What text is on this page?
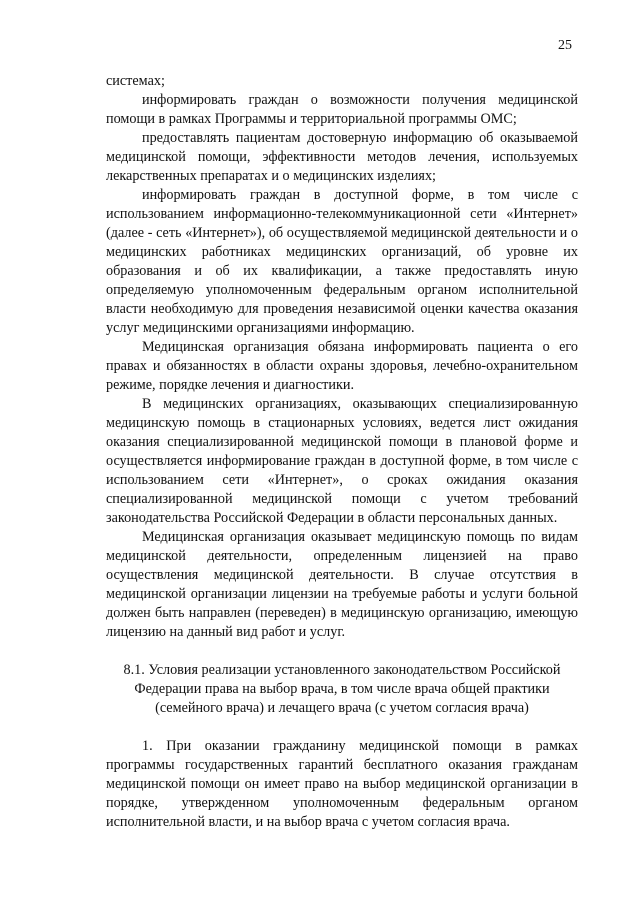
25

системах;

информировать граждан о возможности получения медицинской помощи в рамках Программы и территориальной программы ОМС;

предоставлять пациентам достоверную информацию об оказываемой медицинской помощи, эффективности методов лечения, используемых лекарственных препаратах и о медицинских изделиях;

информировать граждан в доступной форме, в том числе с использованием информационно-телекоммуникационной сети «Интернет» (далее - сеть «Интернет»), об осуществляемой медицинской деятельности и о медицинских работниках медицинских организаций, об уровне их образования и об их квалификации, а также предоставлять иную определяемую уполномоченным федеральным органом исполнительной власти необходимую для проведения независимой оценки качества оказания услуг медицинскими организациями информацию.

Медицинская организация обязана информировать пациента о его правах и обязанностях в области охраны здоровья, лечебно-охранительном режиме, порядке лечения и диагностики.

В медицинских организациях, оказывающих специализированную медицинскую помощь в стационарных условиях, ведется лист ожидания оказания специализированной медицинской помощи в плановой форме и осуществляется информирование граждан в доступной форме, в том числе с использованием сети «Интернет», о сроках ожидания оказания специализированной медицинской помощи с учетом требований законодательства Российской Федерации в области персональных данных.

Медицинская организация оказывает медицинскую помощь по видам медицинской деятельности, определенным лицензией на право осуществления медицинской деятельности. В случае отсутствия в медицинской организации лицензии на требуемые работы и услуги больной должен быть направлен (переведен) в медицинскую организацию, имеющую лицензию на данный вид работ и услуг.

8.1. Условия реализации установленного законодательством Российской Федерации права на выбор врача, в том числе врача общей практики (семейного врача) и лечащего врача (с учетом согласия врача)

1. При оказании гражданину медицинской помощи в рамках программы государственных гарантий бесплатного оказания гражданам медицинской помощи он имеет право на выбор медицинской организации в порядке, утвержденном уполномоченным федеральным органом исполнительной власти, и на выбор врача с учетом согласия врача.
